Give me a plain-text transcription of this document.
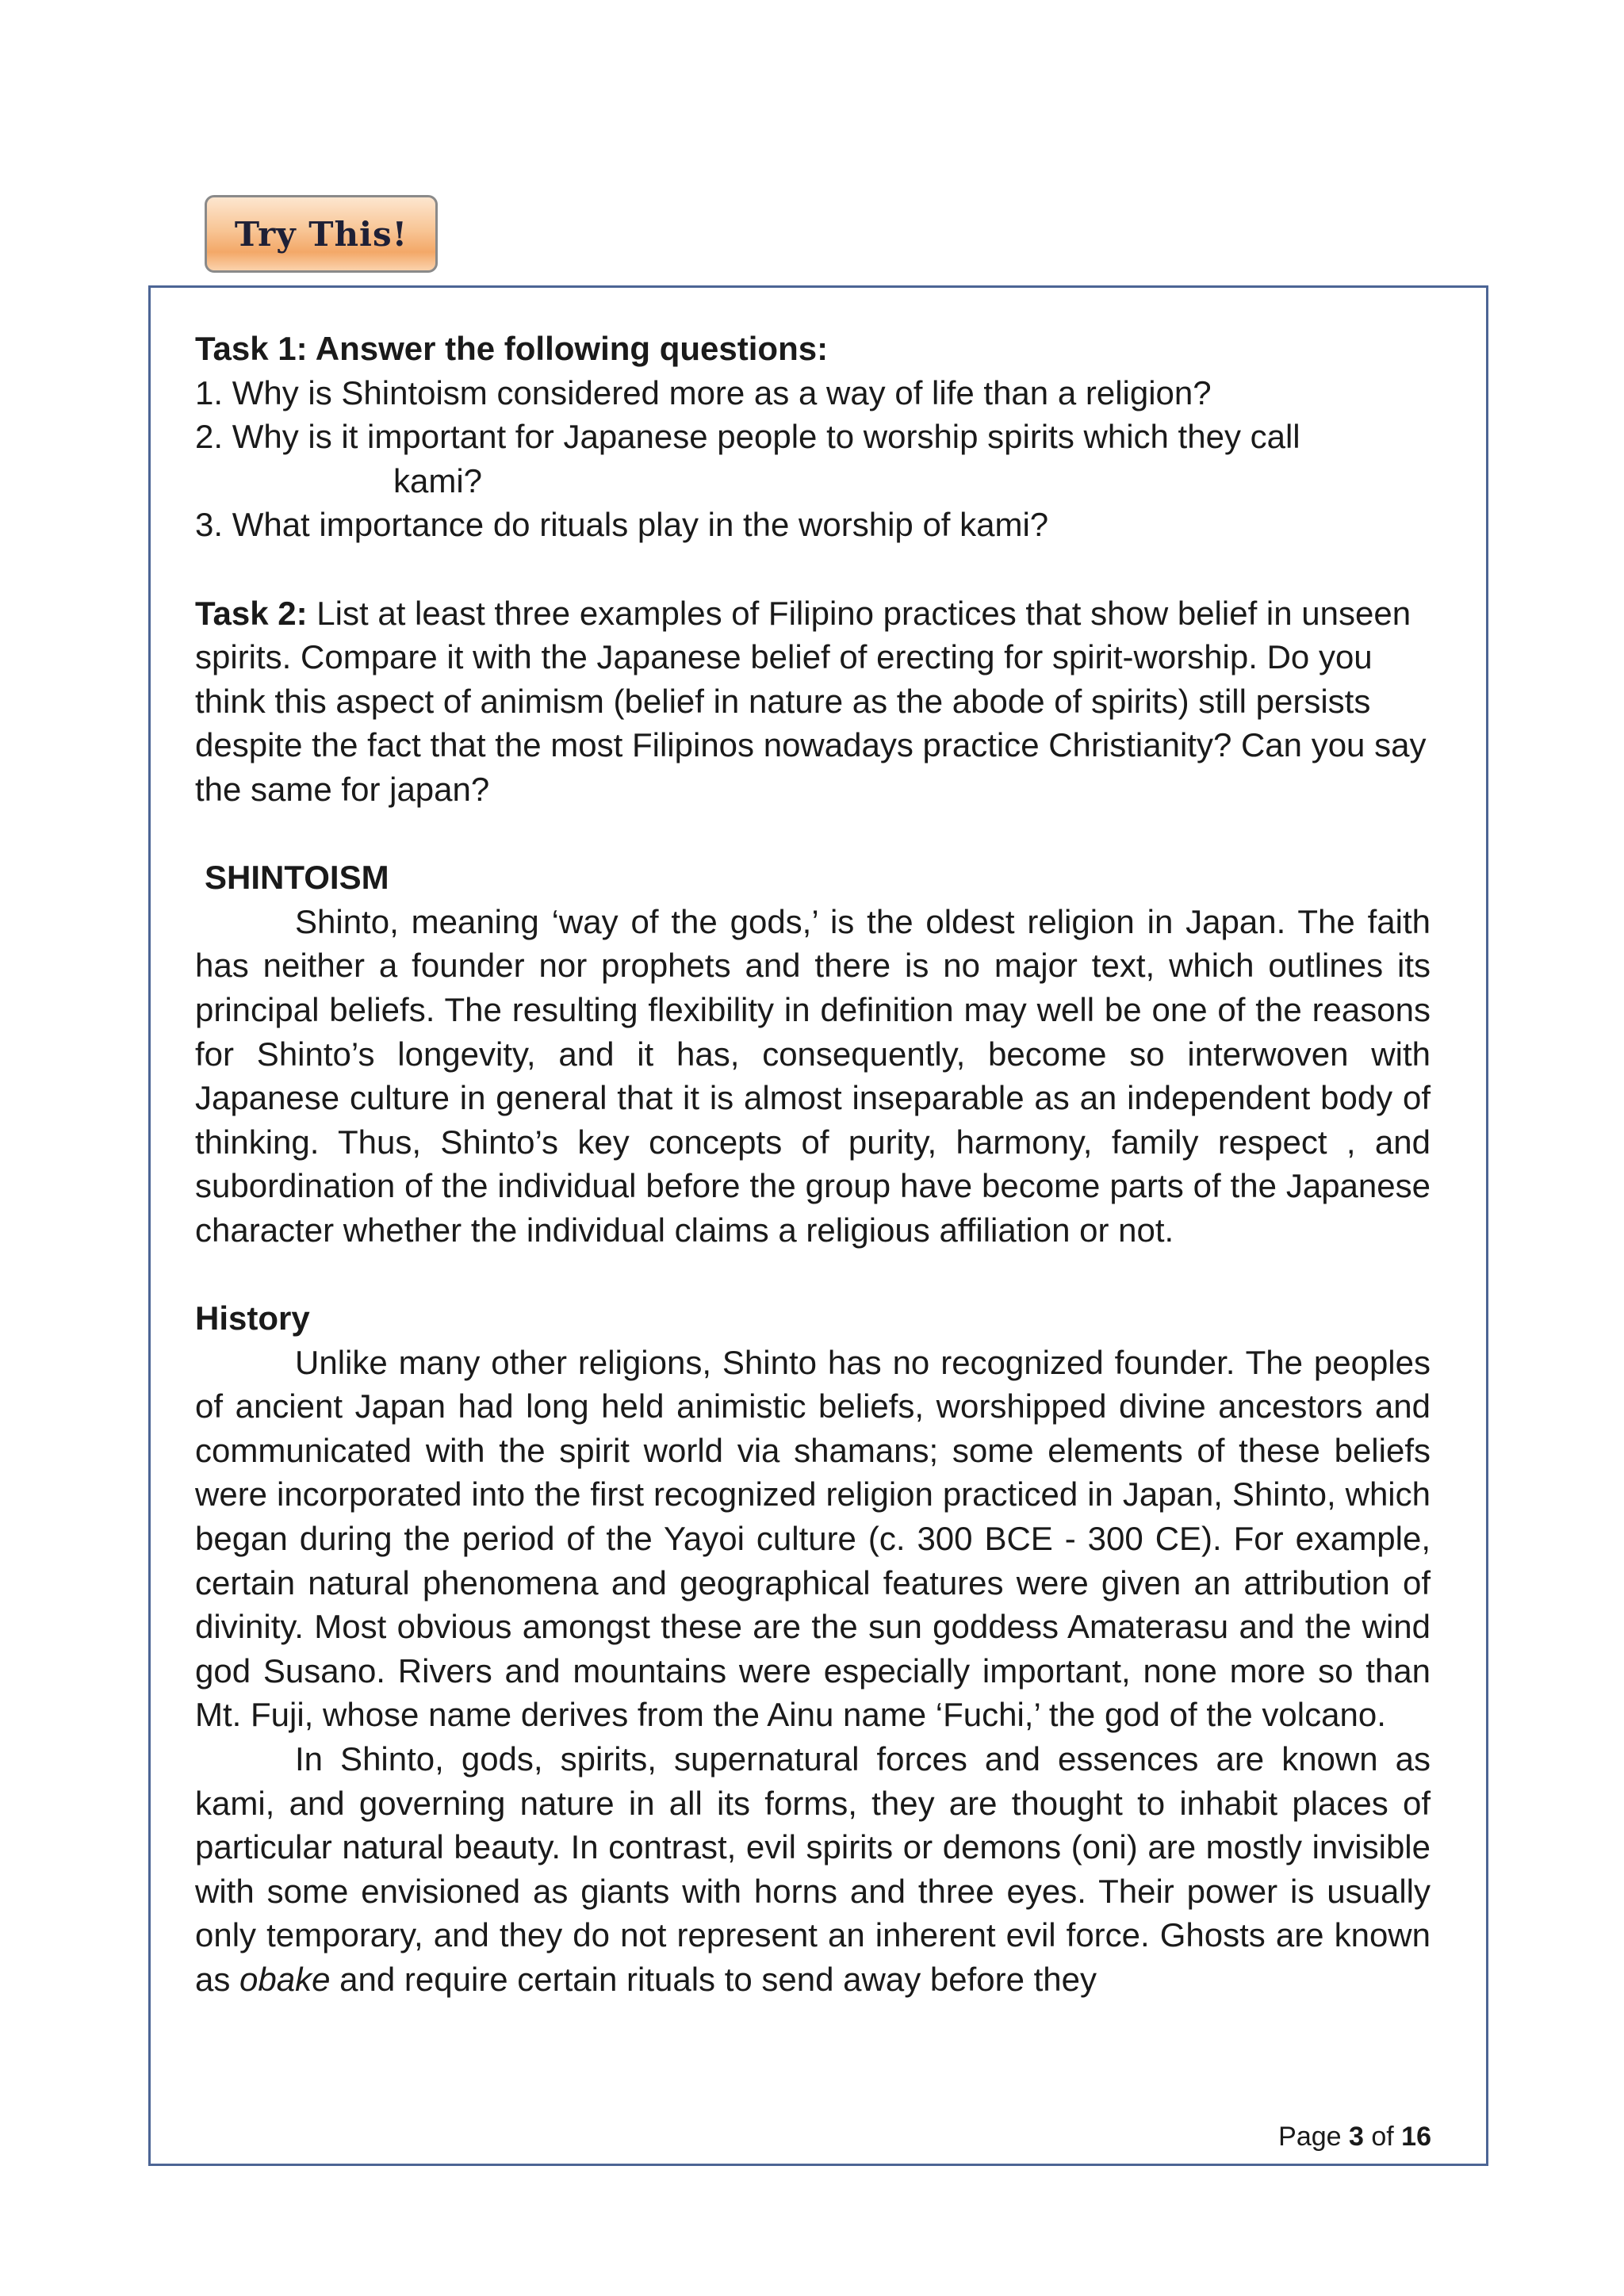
Try This!

Task 1: Answer the following questions:

1. Why is Shintoism considered more as a way of life than a religion?

2. Why is it important for Japanese people to worship spirits which they call

kami?

3. What importance do rituals play in the worship of kami?

Task 2: List at least three examples of Filipino practices that show belief in unseen spirits. Compare it with the Japanese belief of erecting for spirit-worship. Do you think this aspect of animism (belief in nature as the abode of spirits) still persists despite the fact that the most Filipinos nowadays practice Christianity? Can you say the same for japan?

SHINTOISM

Shinto, meaning ‘way of the gods,’ is the oldest religion in Japan. The faith has neither a founder nor prophets and there is no major text, which outlines its principal beliefs. The resulting flexibility in definition may well be one of the reasons for Shinto’s longevity, and it has, consequently, become so interwoven with Japanese culture in general that it is almost inseparable as an independent body of thinking. Thus, Shinto’s key concepts of purity, harmony, family respect , and subordination of the individual before the group have become parts of the Japanese character whether the individual claims a religious affiliation or not.

History

Unlike many other religions, Shinto has no recognized founder. The peoples of ancient Japan had long held animistic beliefs, worshipped divine ancestors and communicated with the spirit world via shamans; some elements of these beliefs were incorporated into the first recognized religion practiced in Japan, Shinto, which began during the period of the Yayoi culture (c. 300 BCE - 300 CE). For example, certain natural phenomena and geographical features were given an attribution of divinity. Most obvious amongst these are the sun goddess Amaterasu and the wind god Susano. Rivers and mountains were especially important, none more so than Mt. Fuji, whose name derives from the Ainu name ‘Fuchi,’ the god of the volcano.

In Shinto, gods, spirits, supernatural forces and essences are known as kami, and governing nature in all its forms, they are thought to inhabit places of particular natural beauty. In contrast, evil spirits or demons (oni) are mostly invisible with some envisioned as giants with horns and three eyes. Their power is usually only temporary, and they do not represent an inherent evil force. Ghosts are known as obake and require certain rituals to send away before they

Page 3 of 16
